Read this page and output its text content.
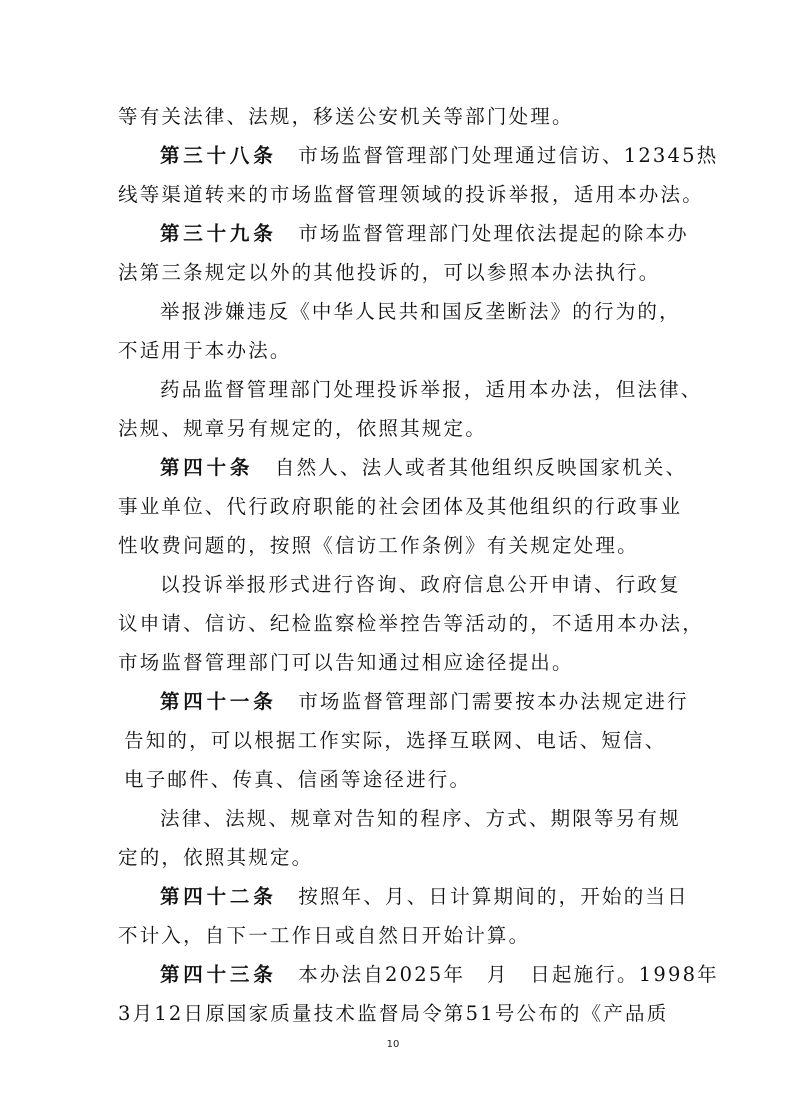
等有关法律、法规，移送公安机关等部门处理。
第三十八条　 市场监督管理部门处理通过信访、12345热
线等渠道转来的市场监督管理领域的投诉举报，适用本办法。
第三十九条　 市场监督管理部门处理依法提起的除本办
法第三条规定以外的其他投诉的，可以参照本办法执行。
举报涉嫌违反《中华人民共和国反垄断法》的行为的，
不适用于本办法。
药品监督管理部门处理投诉举报，适用本办法，但法律、
法规、规章另有规定的，依照其规定。
第四十条　 自然人、法人或者其他组织反映国家机关、
事业单位、代行政府职能的社会团体及其他组织的行政事业
性收费问题的，按照《信访工作条例》有关规定处理。
以投诉举报形式进行咨询、政府信息公开申请、行政复
议申请、信访、纪检监察检举控告等活动的，不适用本办法，
市场监督管理部门可以告知通过相应途径提出。
第四十一条　 市场监督管理部门需要按本办法规定进行
告知的，可以根据工作实际，选择互联网、电话、短信、
电子邮件、传真、信函等途径进行。
法律、法规、规章对告知的程序、方式、期限等另有规
定的，依照其规定。
第四十二条　 按照年、月、日计算期间的，开始的当日
不计入，自下一工作日或自然日开始计算。
第四十三条　 本办法自2025年　月　日起施行。1998年
3月12日原国家质量技术监督局令第51号公布的《产品质
10
